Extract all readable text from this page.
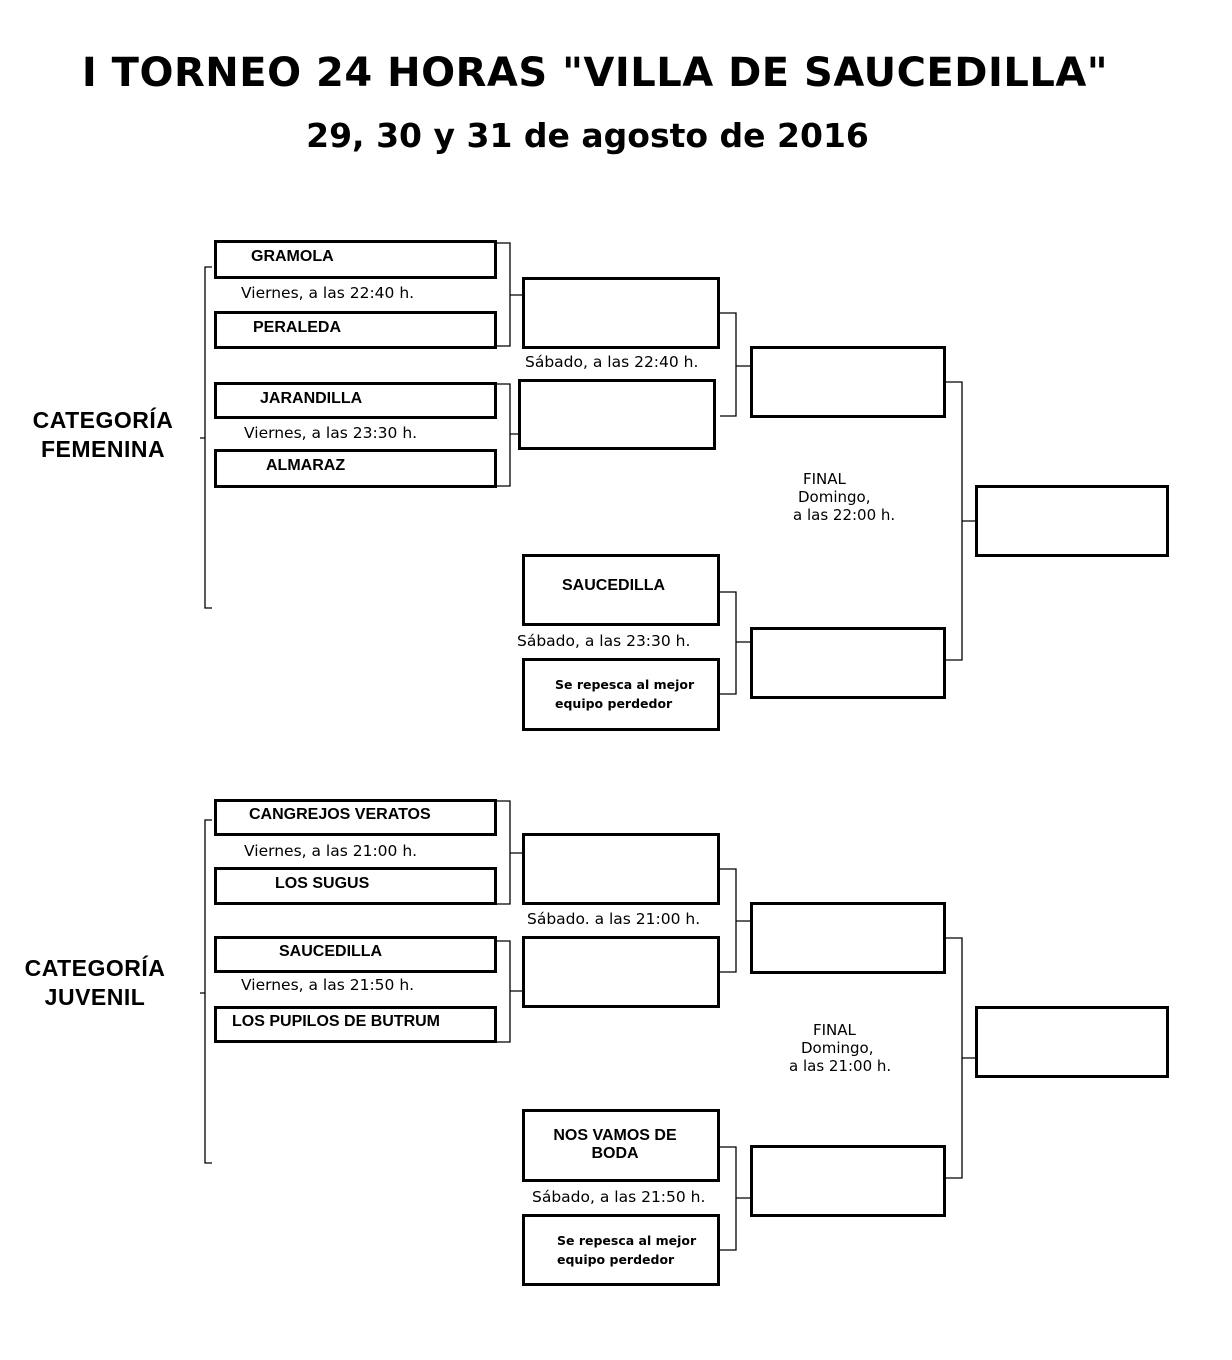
I TORNEO 24 HORAS "VILLA DE SAUCEDILLA"
29, 30 y 31 de agosto de 2016
CATEGORÍA
FEMENINA
GRAMOLA
Viernes, a las 22:40 h.
PERALEDA
JARANDILLA
Viernes, a las 23:30 h.
ALMARAZ
Sábado, a las 22:40 h.
FINAL
Domingo,
a las 22:00 h.
SAUCEDILLA
Sábado, a las 23:30 h.
Se repesca al mejor
equipo perdedor
CATEGORÍA
JUVENIL
CANGREJOS VERATOS
Viernes, a las 21:00 h.
LOS SUGUS
SAUCEDILLA
Viernes, a las 21:50 h.
LOS PUPILOS DE BUTRUM
Sábado. a las 21:00 h.
FINAL
Domingo,
a las 21:00 h.
NOS VAMOS DE
BODA
Sábado, a las 21:50 h.
Se repesca al mejor
equipo perdedor
